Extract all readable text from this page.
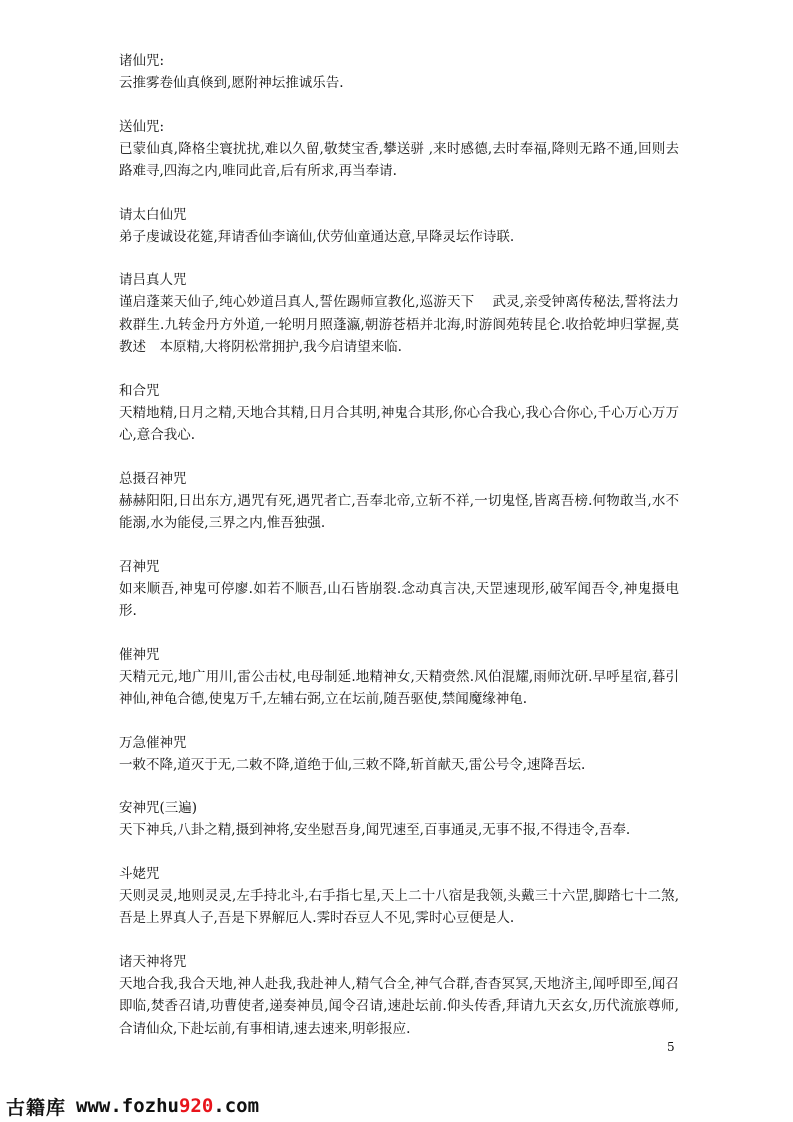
诸仙咒:

云推雾卷仙真倏到,愿附神坛推诚乐告.

送仙咒:

已蒙仙真,降格尘寰扰扰,难以久留,敬焚宝香,攀送骈 ,来时感德,去时奉福,降则无路不通,回则去路难寻,四海之内,唯同此音,后有所求,再当奉请.

请太白仙咒

弟子虔诚设花筵,拜请香仙李谪仙,伏劳仙童通达意,早降灵坛作诗联.

请吕真人咒

谨启蓬莱天仙子,纯心妙道吕真人,誓佐踢师宣教化,巡游天下　 武灵,亲受钟离传秘法,誓将法力救群生.九转金丹方外道,一轮明月照蓬瀛,朝游苍梧并北海,时游阆苑转昆仑.收拾乾坤归掌握,莫教述　本原精,大将阴松常拥护,我今启请望来临.

和合咒

天精地精,日月之精,天地合其精,日月合其明,神鬼合其形,你心合我心,我心合你心,千心万心万万心,意合我心.

总摄召神咒

赫赫阳阳,日出东方,遇咒有死,遇咒者亡,吾奉北帝,立斩不祥,一切鬼怪,皆离吾榜.何物敢当,水不能溺,水为能侵,三界之内,惟吾独强.

召神咒

如来顺吾,神鬼可停廖.如若不顺吾,山石皆崩裂.念动真言决,天罡速现形,破军闻吾令,神鬼摄电形.

催神咒

天精元元,地广用川,雷公击杖,电母制延.地精神女,天精赍然.风伯混耀,雨师沈研.早呼星宿,暮引神仙,神龟合德,使鬼万千,左辅右弼,立在坛前,随吾驱使,禁闻魔缘神龟.

万急催神咒

一敕不降,道灭于无,二敕不降,道绝于仙,三敕不降,斩首献天,雷公号令,速降吾坛.

安神咒(三遍)

天下神兵,八卦之精,摄到神将,安坐慰吾身,闻咒速至,百事通灵,无事不报,不得违令,吾奉.

斗姥咒

天则灵灵,地则灵灵,左手持北斗,右手指七星,天上二十八宿是我领,头戴三十六罡,脚踏七十二煞,吾是上界真人子,吾是下界解厄人.霁时吞豆人不见,霁时心豆便是人.

诸天神将咒

天地合我,我合天地,神人赴我,我赴神人,精气合全,神气合群,杳杳冥冥,天地济主,闻呼即至,闻召即临,焚香召请,功曹使者,递奏神员,闻令召请,速赴坛前.仰头传香,拜请九天玄女,历代流旅尊师,合请仙众,下赴坛前,有事相请,速去速来,明彰报应.

5
古籍库 www.fozhu 920 .com
